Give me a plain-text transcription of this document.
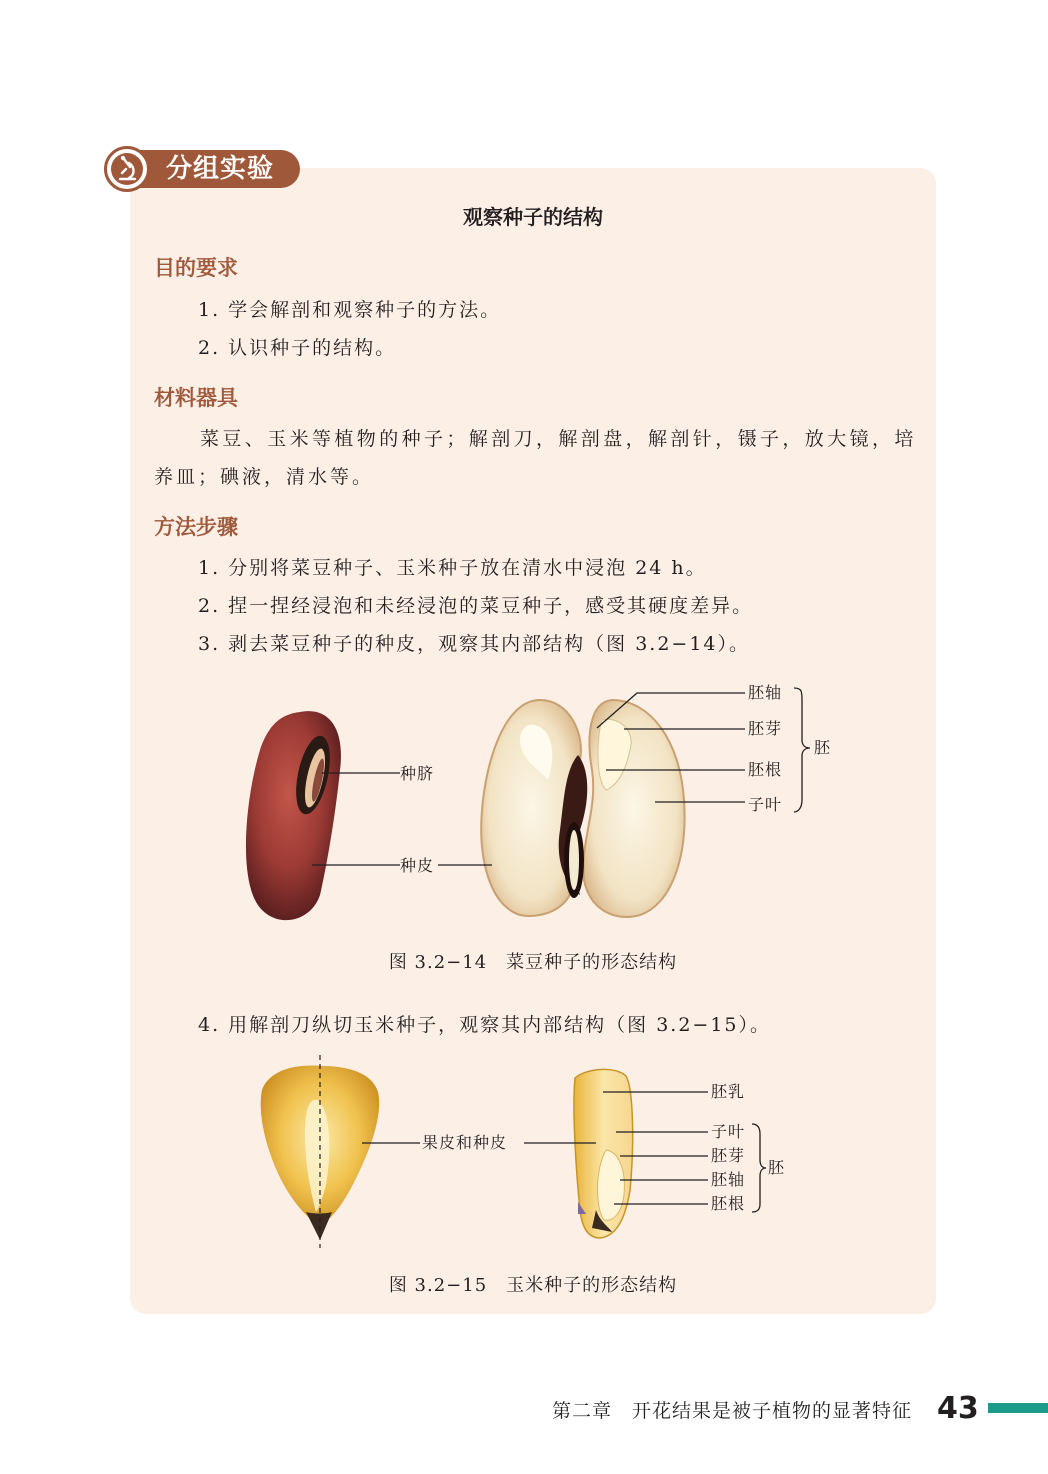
分组实验
观察种子的结构
目的要求
1. 学会解剖和观察种子的方法。
2. 认识种子的结构。
材料器具
菜豆、玉米等植物的种子；解剖刀，解剖盘，解剖针，镊子，放大镜，培
养皿；碘液，清水等。
方法步骤
1. 分别将菜豆种子、玉米种子放在清水中浸泡 24 h。
2. 捏一捏经浸泡和未经浸泡的菜豆种子，感受其硬度差异。
3. 剥去菜豆种子的种皮，观察其内部结构（图 3.2−14）。
种脐
种皮
胚轴
胚芽
胚根
子叶
胚
图 3.2−14　菜豆种子的形态结构
4. 用解剖刀纵切玉米种子，观察其内部结构（图 3.2−15）。
果皮和种皮
胚乳
子叶
胚芽
胚轴
胚根
胚
图 3.2−15　玉米种子的形态结构
第二章　开花结果是被子植物的显著特征 43
